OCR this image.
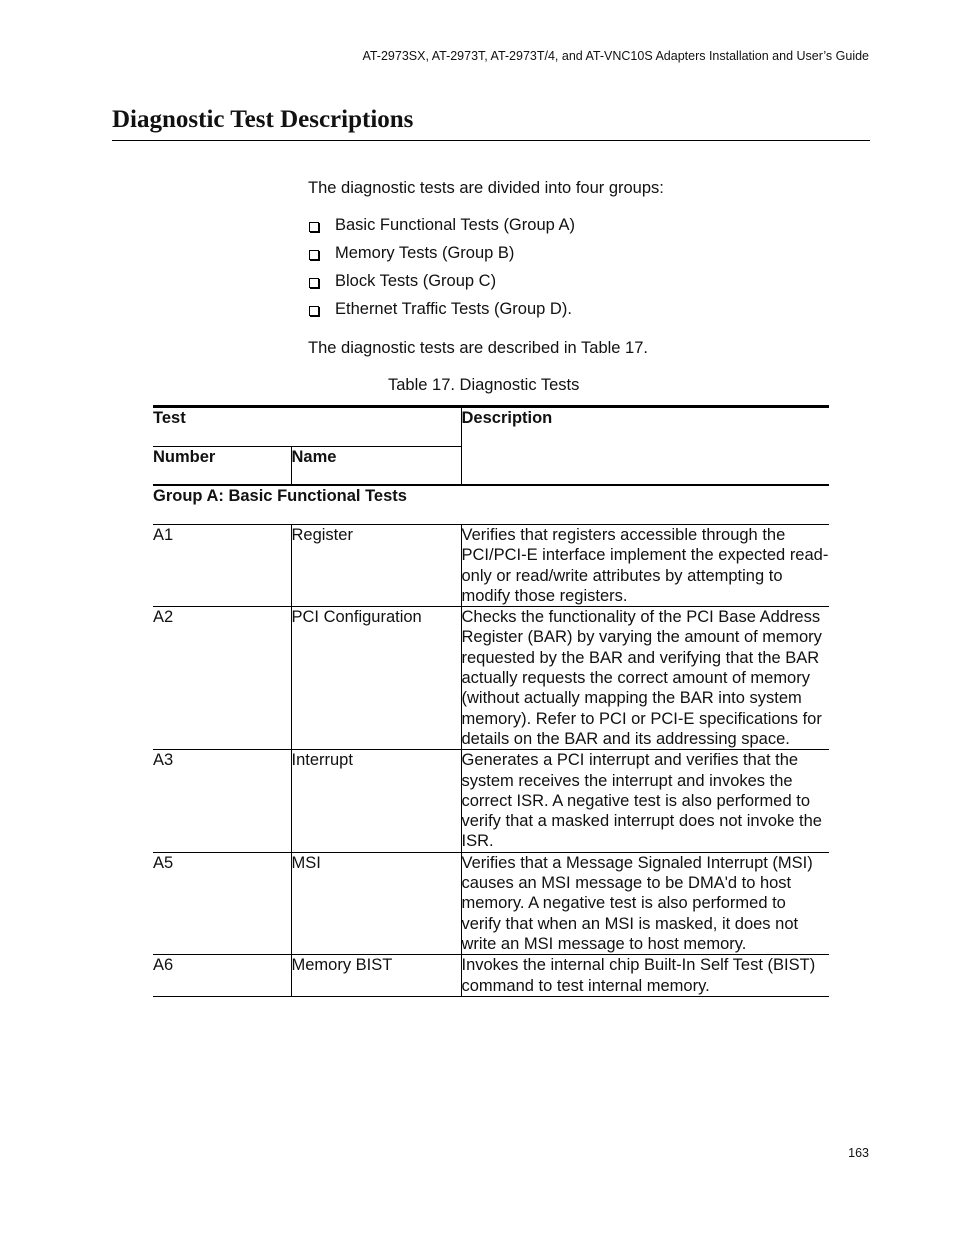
AT-2973SX, AT-2973T, AT-2973T/4, and AT-VNC10S Adapters Installation and User’s Guide
Diagnostic Test Descriptions

The diagnostic tests are divided into four groups:

Basic Functional Tests (Group A)
Memory Tests (Group B)
Block Tests (Group C)
Ethernet Traffic Tests (Group D).

The diagnostic tests are described in Table 17.

Table 17. Diagnostic Tests

Test		Description
Number	Name	
Group A: Basic Functional Tests		
A1	Register	Verifies that registers accessible through the PCI/PCI-E interface implement the expected read-only or read/write attributes by attempting to modify those registers.
A2	PCI Configuration	Checks the functionality of the PCI Base Address Register (BAR) by varying the amount of memory requested by the BAR and verifying that the BAR actually requests the correct amount of memory (without actually mapping the BAR into system memory). Refer to PCI or PCI-E specifications for details on the BAR and its addressing space.
A3	Interrupt	Generates a PCI interrupt and verifies that the system receives the interrupt and invokes the correct ISR. A negative test is also performed to verify that a masked interrupt does not invoke the ISR.
A5	MSI	Verifies that a Message Signaled Interrupt (MSI) causes an MSI message to be DMA'd to host memory. A negative test is also performed to verify that when an MSI is masked, it does not write an MSI message to host memory.
A6	Memory BIST	Invokes the internal chip Built-In Self Test (BIST) command to test internal memory.
163
